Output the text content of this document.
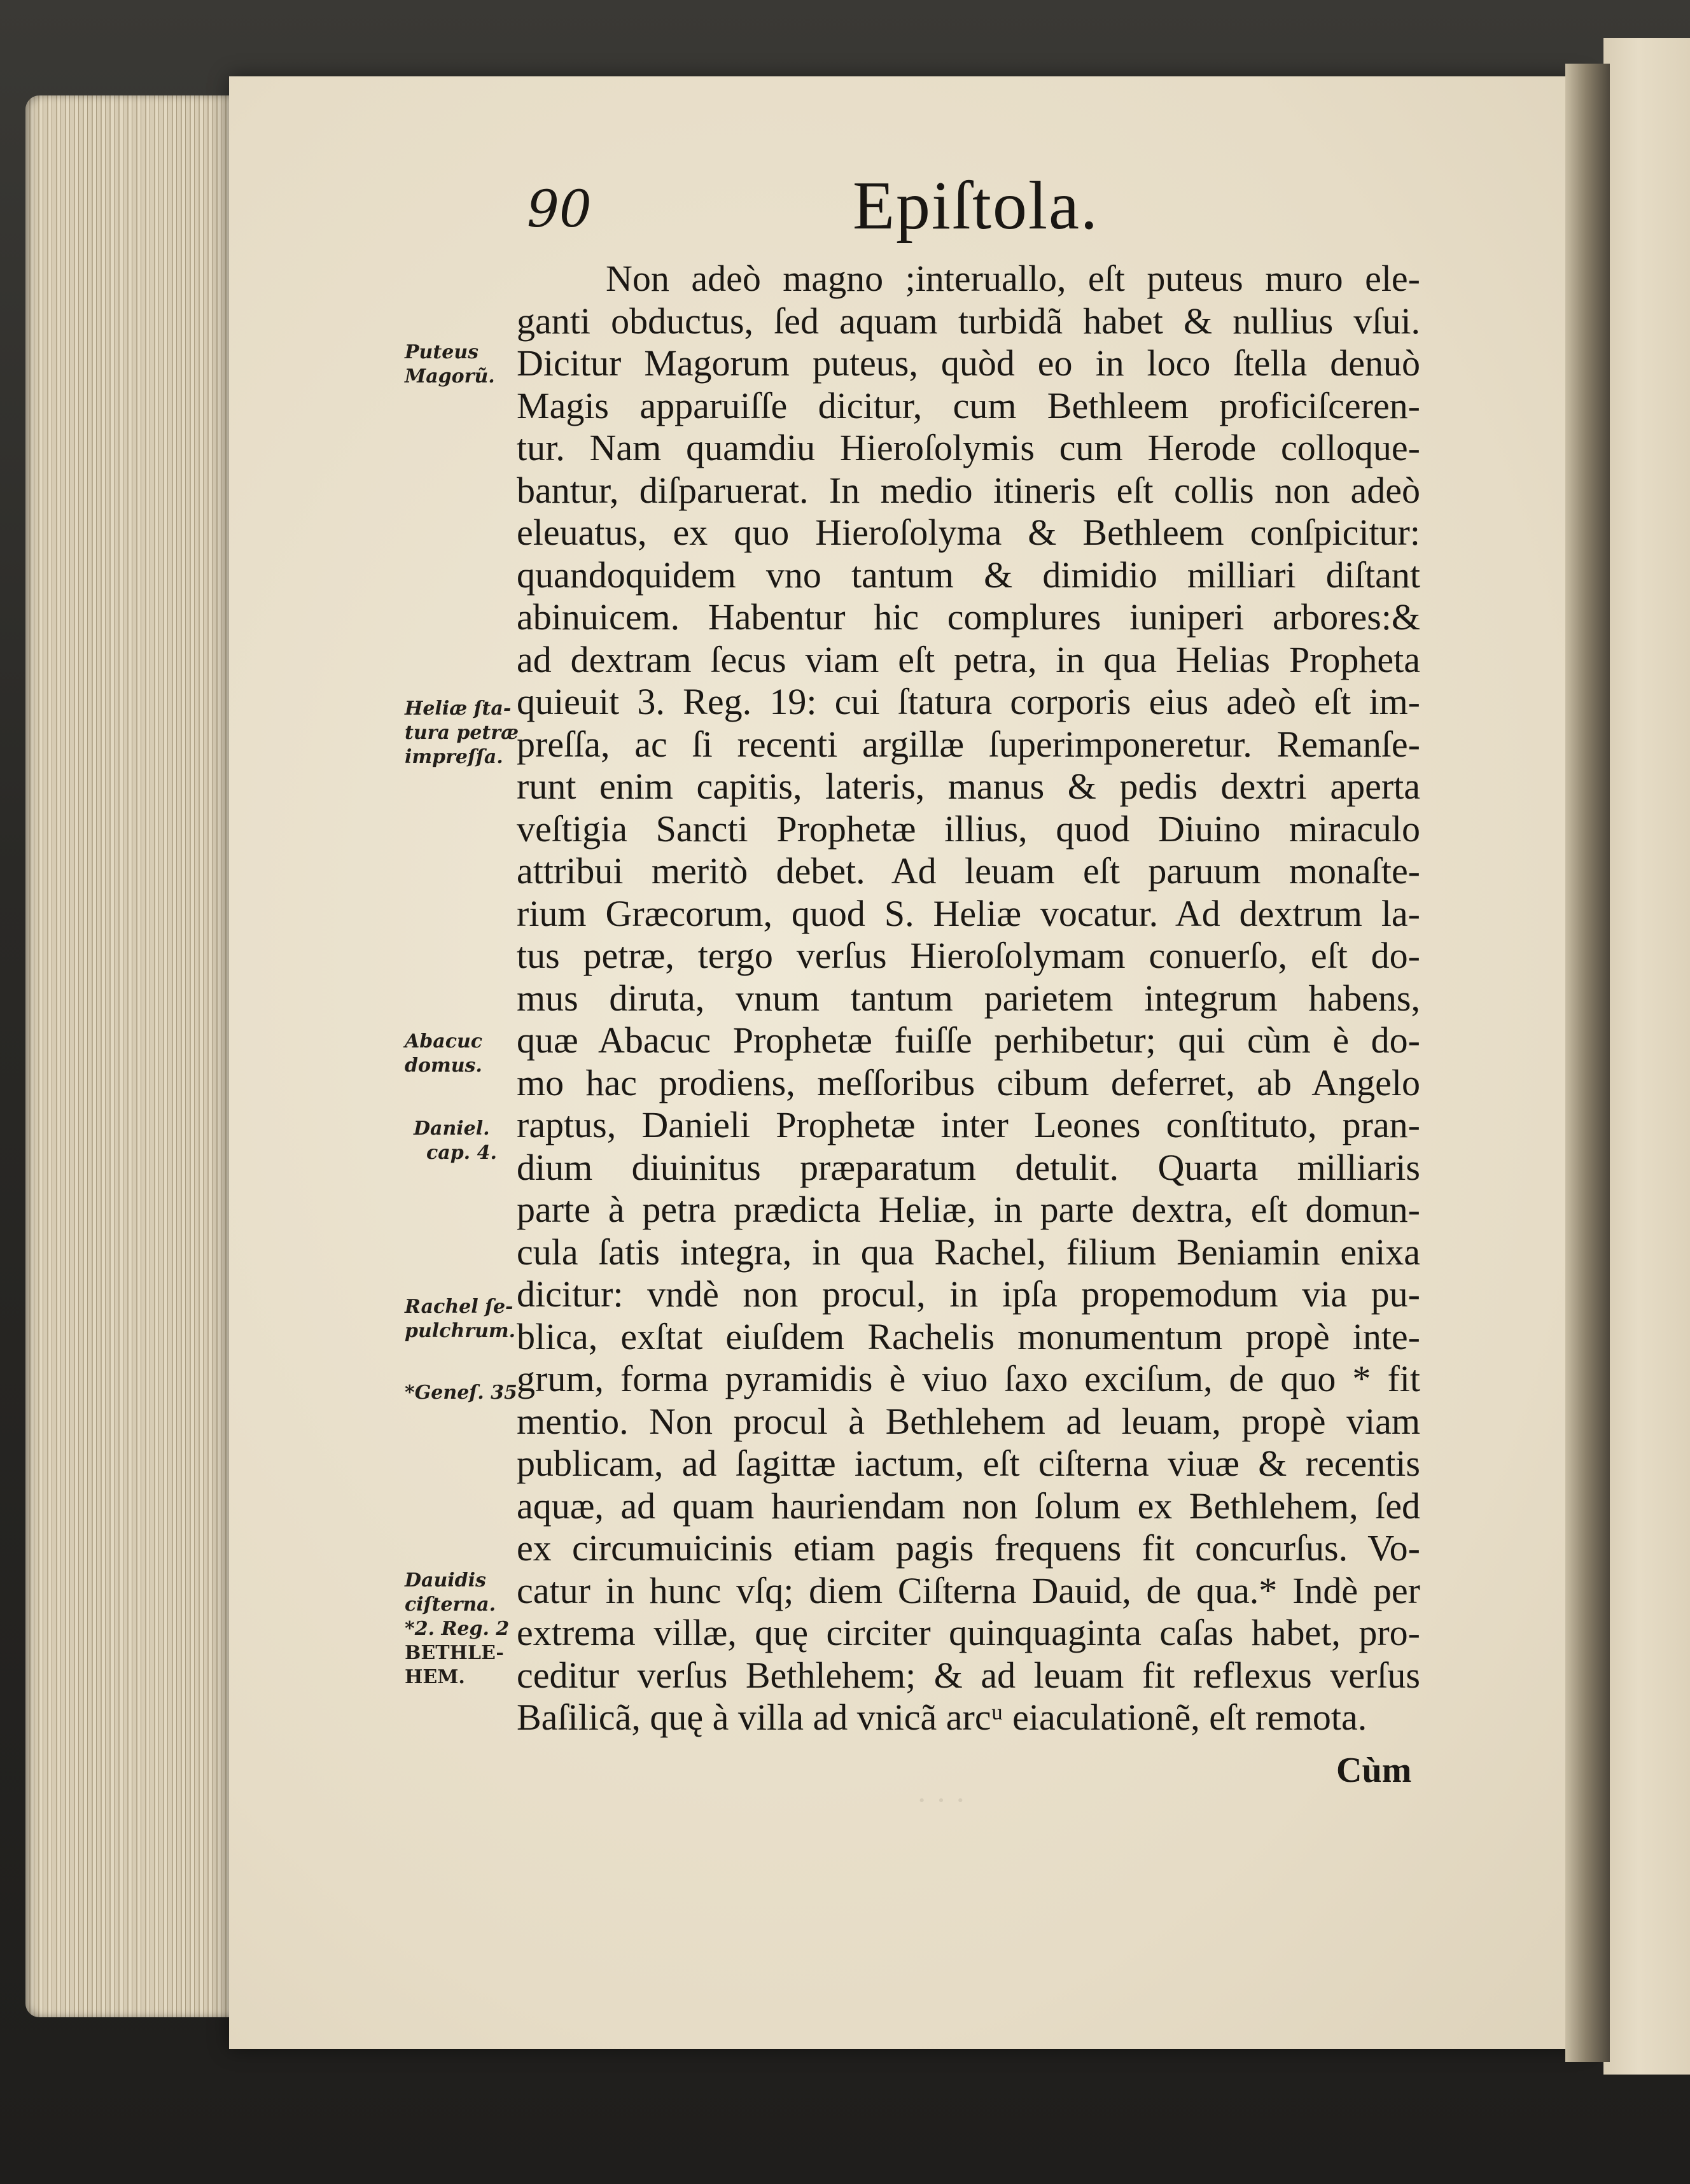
· · ·
90	Epiſtola.
Non adeò magno ;interuallo, eſt puteus muro ele-
ganti obductus, ſed aquam turbidã habet & nullius vſui.
Dicitur Magorum puteus, quòd eo in loco ſtella denuò
Magis apparuiſſe dicitur, cum Bethleem proficiſceren-
tur. Nam quamdiu Hieroſolymis cum Herode colloque-
bantur, diſparuerat. In medio itineris eſt collis non adeò
eleuatus, ex quo Hieroſolyma & Bethleem conſpicitur:
quandoquidem vno tantum & dimidio milliari diſtant
abinuicem. Habentur hic complures iuniperi arbores:&
ad dextram ſecus viam eſt petra, in qua Helias Propheta
quieuit 3. Reg. 19: cui ſtatura corporis eius adeò eſt im-
preſſa, ac ſi recenti argillæ ſuperimponeretur. Remanſe-
runt enim capitis, lateris, manus & pedis dextri aperta
veſtigia Sancti Prophetæ illius, quod Diuino miraculo
attribui meritò debet. Ad leuam eſt paruum monaſte-
rium Græcorum, quod S. Heliæ vocatur. Ad dextrum la-
tus petræ, tergo verſus Hieroſolymam conuerſo, eſt do-
mus diruta, vnum tantum parietem integrum habens,
quæ Abacuc Prophetæ fuiſſe perhibetur; qui cùm è do-
mo hac prodiens, meſſoribus cibum deferret, ab Angelo
raptus, Danieli Prophetæ inter Leones conſtituto, pran-
dium diuinitus præparatum detulit. Quarta milliaris
parte à petra prædicta Heliæ, in parte dextra, eſt domun-
cula ſatis integra, in qua Rachel, filium Beniamin enixa
dicitur: vndè non procul, in ipſa propemodum via pu-
blica, exſtat eiuſdem Rachelis monumentum propè inte-
grum, forma pyramidis è viuo ſaxo exciſum, de quo * fit
mentio. Non procul à Bethlehem ad leuam, propè viam
publicam, ad ſagittæ iactum, eſt ciſterna viuæ & recentis
aquæ, ad quam hauriendam non ſolum ex Bethlehem, ſed
ex circumuicinis etiam pagis frequens fit concurſus. Vo-
catur in hunc vſq; diem Ciſterna Dauid, de qua.* Indè per
extrema villæ, quę circiter quinquaginta caſas habet, pro-
ceditur verſus Bethlehem; & ad leuam fit reflexus verſus
Baſilicã, quę à villa ad vnicã arcᵘ eiaculationẽ, eſt remota.
Cùm
Puteus
Magorũ.
Heliæ ſta-
tura petræ
impreſſa.
Abacuc
domus.
Daniel.
cap. 4.
Rachel ſe-
pulchrum.
*Geneſ. 35
Dauidis
ciſterna.
*2. Reg. 2
BETHLE-
HEM.
